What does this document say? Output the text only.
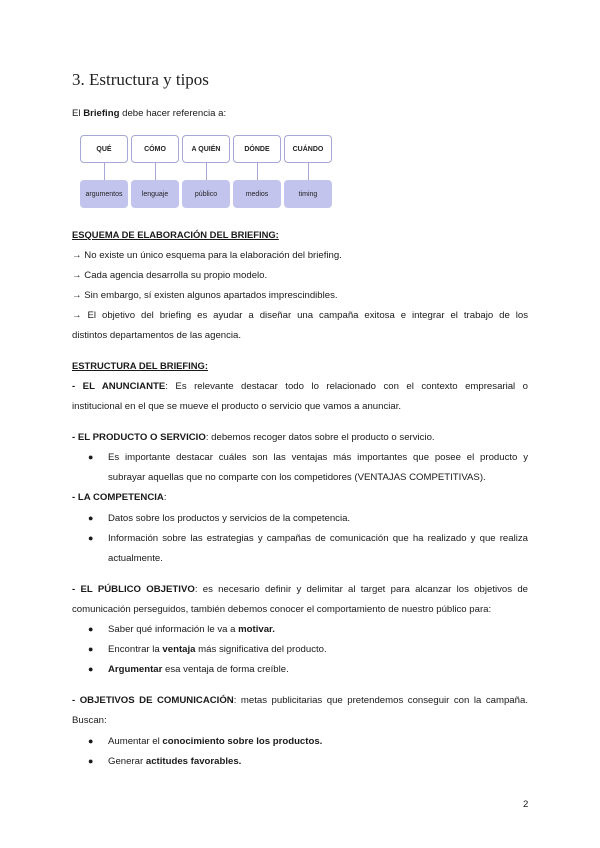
3. Estructura y tipos

El Briefing debe hacer referencia a:

QUÉ	CÓMO	A QUIÉN	DÓNDE	CUÁNDO
argumentos	lenguaje	público	medios	timing

ESQUEMA DE ELABORACIÓN DEL BRIEFING:

→ No existe un único esquema para la elaboración del briefing.

→ Cada agencia desarrolla su propio modelo.

→ Sin embargo, sí existen algunos apartados imprescindibles.

→ El objetivo del briefing es ayudar a diseñar una campaña exitosa e integrar el trabajo de los

distintos departamentos de las agencia.

ESTRUCTURA DEL BRIEFING:

- EL ANUNCIANTE: Es relevante destacar todo lo relacionado con el contexto empresarial o

institucional en el que se mueve el producto o servicio que vamos a anunciar.

- EL PRODUCTO O SERVICIO: debemos recoger datos sobre el producto o servicio.

● Es importante destacar cuáles son las ventajas más importantes que posee el producto y
subrayar aquellas que no comparte con los competidores (VENTAJAS COMPETITIVAS).

- LA COMPETENCIA:

● Datos sobre los productos y servicios de la competencia.
● Información sobre las estrategias y campañas de comunicación que ha realizado y que realiza
actualmente.

- EL PÚBLICO OBJETIVO: es necesario definir y delimitar al target para alcanzar los objetivos de

comunicación perseguidos, también debemos conocer el comportamiento de nuestro público para:

● Saber qué información le va a motivar.
● Encontrar la ventaja más significativa del producto.
● Argumentar esa ventaja de forma creíble.

- OBJETIVOS DE COMUNICACIÓN: metas publicitarias que pretendemos conseguir con la campaña.

Buscan:

● Aumentar el conocimiento sobre los productos.
● Generar actitudes favorables.
2
